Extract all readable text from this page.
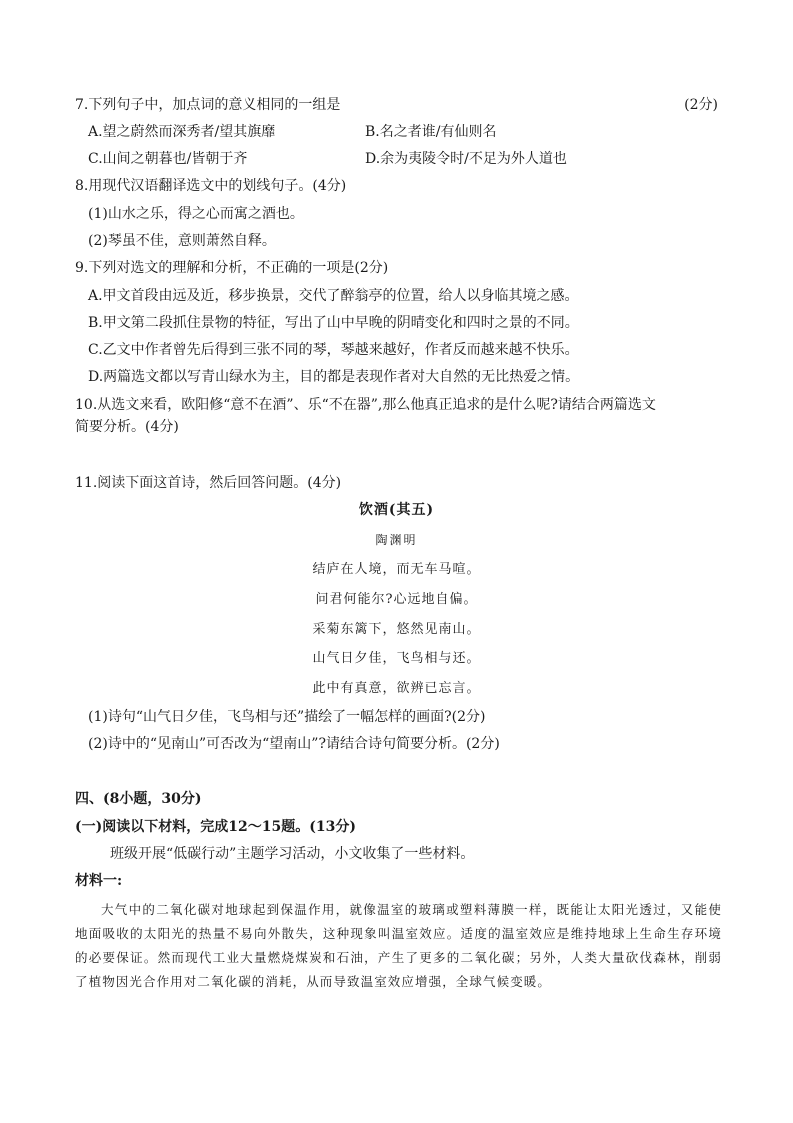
7.下列句子中，加点词的意义相同的一组是	(2分)
A.望之蔚然而深秀者/望其旗靡	B.名之者谁/有仙则名
C.山间之朝暮也/皆朝于齐	D.余为夷陵令时/不足为外人道也
8.用现代汉语翻译选文中的划线句子。(4分)
(1)山水之乐，得之心而寓之酒也。
(2)琴虽不佳，意则萧然自释。
9.下列对选文的理解和分析，不正确的一项是(2分)
A.甲文首段由远及近，移步换景，交代了醉翁亭的位置，给人以身临其境之感。
B.甲文第二段抓住景物的特征，写出了山中早晚的阴晴变化和四时之景的不同。
C.乙文中作者曾先后得到三张不同的琴，琴越来越好，作者反而越来越不快乐。
D.两篇选文都以写青山绿水为主，目的都是表现作者对大自然的无比热爱之情。
10.从选文来看，欧阳修“意不在酒”、乐“不在器”,那么他真正追求的是什么呢?请结合两篇选文
简要分析。(4分)
11.阅读下面这首诗，然后回答问题。(4分)
饮酒(其五)
陶渊明
结庐在人境，而无车马喧。
问君何能尔?心远地自偏。
采菊东篱下，悠然见南山。
山气日夕佳，飞鸟相与还。
此中有真意，欲辨已忘言。
(1)诗句“山气日夕佳，飞鸟相与还”描绘了一幅怎样的画面?(2分)
(2)诗中的“见南山”可否改为“望南山”?请结合诗句简要分析。(2分)
四、(8小题，30分)
(一)阅读以下材料，完成12～15题。(13分)
班级开展“低碳行动”主题学习活动，小文收集了一些材料。
材料一:
大气中的二氧化碳对地球起到保温作用，就像温室的玻璃或塑料薄膜一样，既能让太阳光透过，又能使地面吸收的太阳光的热量不易向外散失，这种现象叫温室效应。适度的温室效应是维持地球上生命生存环境的必要保证。然而现代工业大量燃烧煤炭和石油，产生了更多的二氧化碳；另外，人类大量砍伐森林，削弱了植物因光合作用对二氧化碳的消耗，从而导致温室效应增强，全球气候变暖。
